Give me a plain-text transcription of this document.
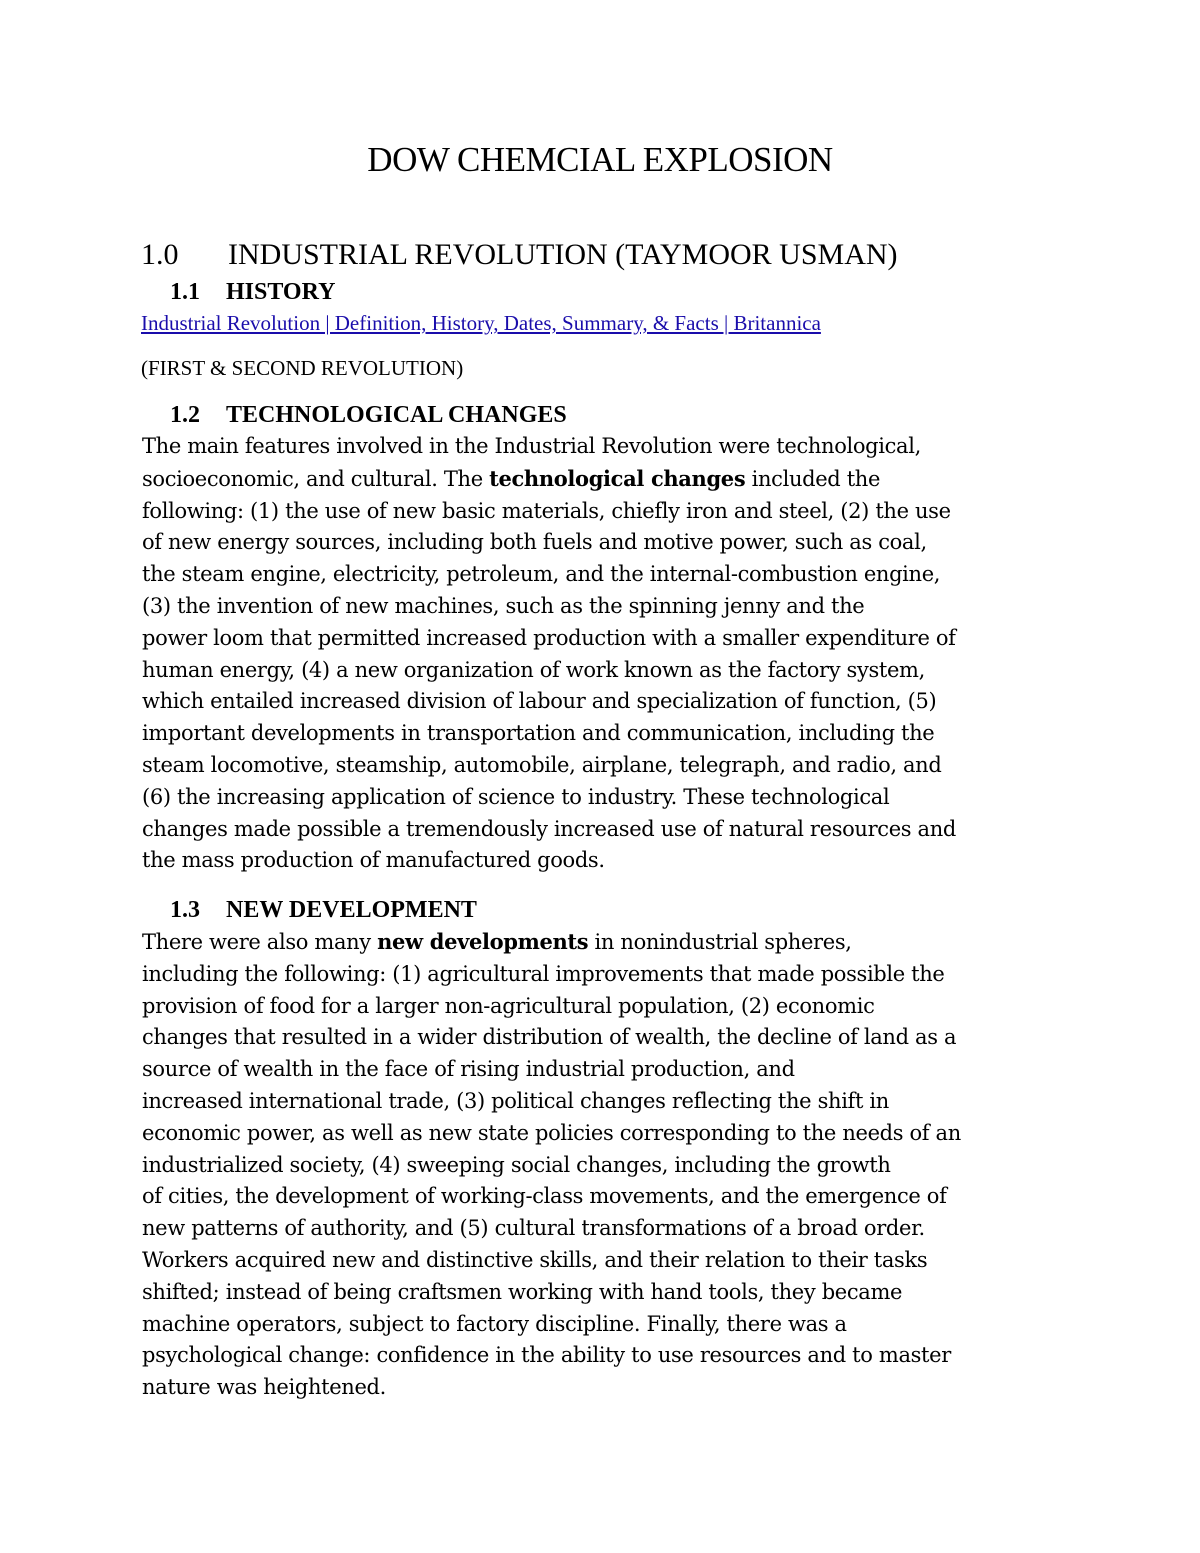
DOW CHEMCIAL EXPLOSION
1.0 INDUSTRIAL REVOLUTION (TAYMOOR USMAN)
1.1 HISTORY
Industrial Revolution | Definition, History, Dates, Summary, & Facts | Britannica
(FIRST & SECOND REVOLUTION)
1.2 TECHNOLOGICAL CHANGES

The main features involved in the Industrial Revolution were technological,
socioeconomic, and cultural. The technological changes included the
following: (1) the use of new basic materials, chiefly iron and steel, (2) the use
of new energy sources, including both fuels and motive power, such as coal,
the steam engine, electricity, petroleum, and the internal-combustion engine,
(3) the invention of new machines, such as the spinning jenny and the
power loom that permitted increased production with a smaller expenditure of
human energy, (4) a new organization of work known as the factory system,
which entailed increased division of labour and specialization of function, (5)
important developments in transportation and communication, including the
steam locomotive, steamship, automobile, airplane, telegraph, and radio, and
(6) the increasing application of science to industry. These technological
changes made possible a tremendously increased use of natural resources and
the mass production of manufactured goods.

1.3 NEW DEVELOPMENT

There were also many new developments in nonindustrial spheres,
including the following: (1) agricultural improvements that made possible the
provision of food for a larger non-agricultural population, (2) economic
changes that resulted in a wider distribution of wealth, the decline of land as a
source of wealth in the face of rising industrial production, and
increased international trade, (3) political changes reflecting the shift in
economic power, as well as new state policies corresponding to the needs of an
industrialized society, (4) sweeping social changes, including the growth
of cities, the development of working-class movements, and the emergence of
new patterns of authority, and (5) cultural transformations of a broad order.
Workers acquired new and distinctive skills, and their relation to their tasks
shifted; instead of being craftsmen working with hand tools, they became
machine operators, subject to factory discipline. Finally, there was a
psychological change: confidence in the ability to use resources and to master
nature was heightened.
